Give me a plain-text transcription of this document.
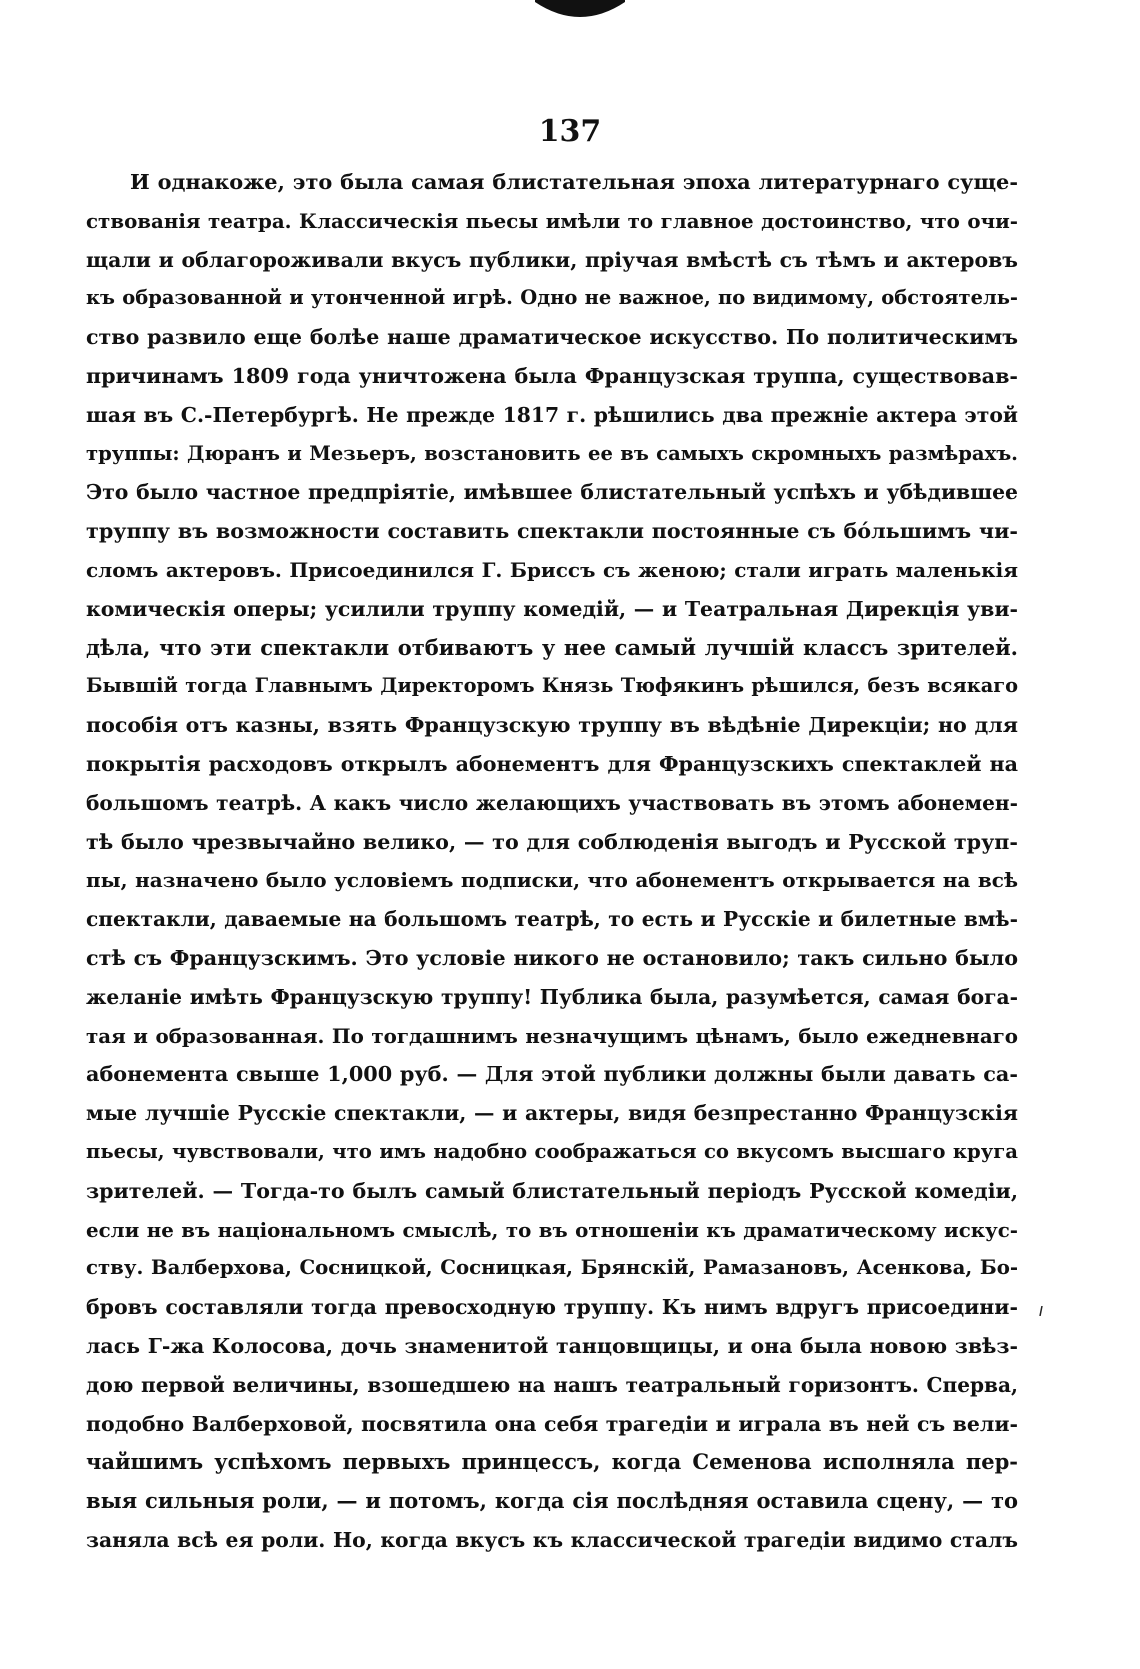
137
И однакоже, это была самая блистательная эпоха литературнаго суще-
ствованія театра. Классическія пьесы имѣли то главное достоинство, что очи-
щали и облагороживали вкусъ публики, пріучая вмѣстѣ съ тѣмъ и актеровъ
къ образованной и утонченной игрѣ. Одно не важное, по видимому, обстоятель-
ство развило еще болѣе наше драматическое искусство. По политическимъ
причинамъ 1809 года уничтожена была Французская труппа, существовав-
шая въ С.-Петербургѣ. Не прежде 1817 г. рѣшились два прежніе актера этой
труппы: Дюранъ и Мезьеръ, возстановить ее въ самыхъ скромныхъ размѣрахъ.
Это было частное предпріятіе, имѣвшее блистательный успѣхъ и убѣдившее
труппу въ возможности составить спектакли постоянные съ бóльшимъ чи-
сломъ актеровъ. Присоединился Г. Бриссъ съ женою; стали играть маленькія
комическія оперы; усилили труппу комедій, — и Театральная Дирекція уви-
дѣла, что эти спектакли отбиваютъ у нее самый лучшій классъ зрителей.
Бывшій тогда Главнымъ Директоромъ Князь Тюфякинъ рѣшился, безъ всякаго
пособія отъ казны, взять Французскую труппу въ вѣдѣніе Дирекціи; но для
покрытія расходовъ открылъ абонементъ для Французскихъ спектаклей на
большомъ театрѣ. А какъ число желающихъ участвовать въ этомъ абонемен-
тѣ было чрезвычайно велико, — то для соблюденія выгодъ и Русской труп-
пы, назначено было условіемъ подписки, что абонементъ открывается на всѣ
спектакли, даваемые на большомъ театрѣ, то есть и Русскіе и билетные вмѣ-
стѣ съ Французскимъ. Это условіе никого не остановило; такъ сильно было
желаніе имѣть Французскую труппу! Публика была, разумѣется, самая бога-
тая и образованная. По тогдашнимъ незначущимъ цѣнамъ, было ежедневнаго
абонемента свыше 1,000 руб. — Для этой публики должны были давать са-
мые лучшіе Русскіе спектакли, — и актеры, видя безпрестанно Французскія
пьесы, чувствовали, что имъ надобно соображаться со вкусомъ высшаго круга
зрителей. — Тогда-то былъ самый блистательный періодъ Русской комедіи,
если не въ національномъ смыслѣ, то въ отношеніи къ драматическому искус-
ству. Валберхова, Сосницкой, Сосницкая, Брянскій, Рамазановъ, Асенкова, Бо-
бровъ составляли тогда превосходную труппу. Къ нимъ вдругъ присоедини-
лась Г-жа Колосова, дочь знаменитой танцовщицы, и она была новою звѣз-
дою первой величины, взошедшею на нашъ театральный горизонтъ. Сперва,
подобно Валберховой, посвятила она себя трагедіи и играла въ ней съ вели-
чайшимъ успѣхомъ первыхъ принцессъ, когда Семенова исполняла пер-
выя сильныя роли, — и потомъ, когда сія послѣдняя оставила сцену, — то
заняла всѣ ея роли. Но, когда вкусъ къ классической трагедіи видимо сталъ
